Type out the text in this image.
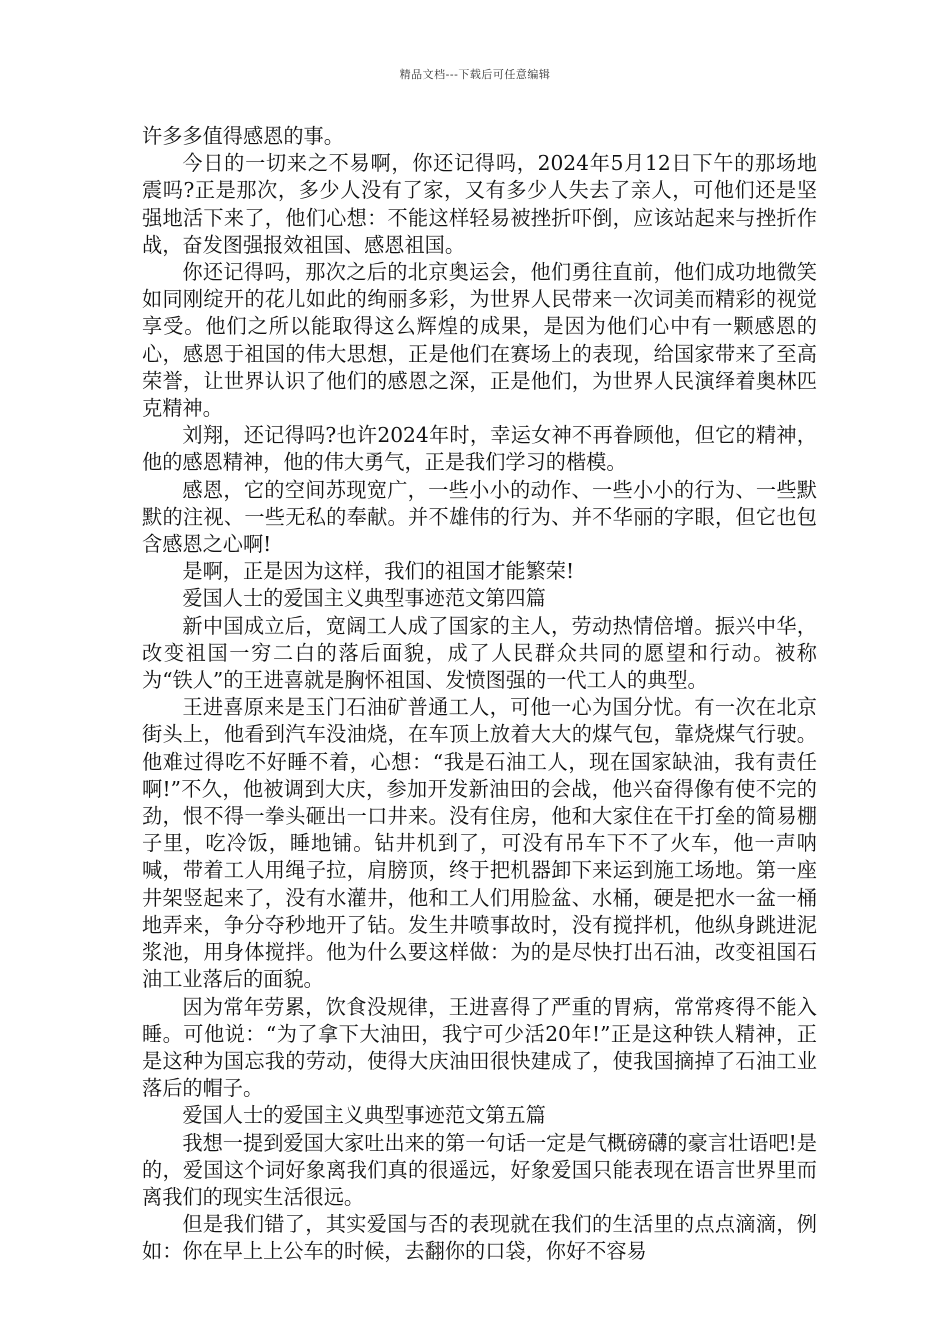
精品文档---下载后可任意编辑

许多多值得感恩的事。

今日的一切来之不易啊，你还记得吗，2024年5月12日下午的那场地震吗?正是那次，多少人没有了家，又有多少人失去了亲人，可他们还是坚强地活下来了，他们心想：不能这样轻易被挫折吓倒，应该站起来与挫折作战，奋发图强报效祖国、感恩祖国。

你还记得吗，那次之后的北京奥运会，他们勇往直前，他们成功地微笑如同刚绽开的花儿如此的绚丽多彩，为世界人民带来一次词美而精彩的视觉享受。他们之所以能取得这么辉煌的成果，是因为他们心中有一颗感恩的心，感恩于祖国的伟大思想，正是他们在赛场上的表现，给国家带来了至高荣誉，让世界认识了他们的感恩之深，正是他们，为世界人民演绎着奥林匹克精神。

刘翔，还记得吗?也许2024年时，幸运女神不再眷顾他，但它的精神，他的感恩精神，他的伟大勇气，正是我们学习的楷模。

感恩，它的空间苏现宽广，一些小小的动作、一些小小的行为、一些默默的注视、一些无私的奉献。并不雄伟的行为、并不华丽的字眼，但它也包含感恩之心啊!

是啊，正是因为这样，我们的祖国才能繁荣!

爱国人士的爱国主义典型事迹范文第四篇

新中国成立后，宽阔工人成了国家的主人，劳动热情倍增。振兴中华，改变祖国一穷二白的落后面貌，成了人民群众共同的愿望和行动。被称为“铁人”的王进喜就是胸怀祖国、发愤图强的一代工人的典型。

王进喜原来是玉门石油矿普通工人，可他一心为国分忧。有一次在北京街头上，他看到汽车没油烧，在车顶上放着大大的煤气包，靠烧煤气行驶。他难过得吃不好睡不着，心想：“我是石油工人，现在国家缺油，我有责任啊!”不久，他被调到大庆，参加开发新油田的会战，他兴奋得像有使不完的劲，恨不得一拳头砸出一口井来。没有住房，他和大家住在干打垒的简易棚子里，吃冷饭，睡地铺。钻井机到了，可没有吊车下不了火车，他一声呐喊，带着工人用绳子拉，肩膀顶，终于把机器卸下来运到施工场地。第一座井架竖起来了，没有水灌井，他和工人们用脸盆、水桶，硬是把水一盆一桶地弄来，争分夺秒地开了钻。发生井喷事故时，没有搅拌机，他纵身跳进泥浆池，用身体搅拌。他为什么要这样做：为的是尽快打出石油，改变祖国石油工业落后的面貌。

因为常年劳累，饮食没规律，王进喜得了严重的胃病，常常疼得不能入睡。可他说：“为了拿下大油田，我宁可少活20年!”正是这种铁人精神，正是这种为国忘我的劳动，使得大庆油田很快建成了，使我国摘掉了石油工业落后的帽子。

爱国人士的爱国主义典型事迹范文第五篇

我想一提到爱国大家吐出来的第一句话一定是气概磅礴的豪言壮语吧!是的，爱国这个词好象离我们真的很遥远，好象爱国只能表现在语言世界里而离我们的现实生活很远。

但是我们错了，其实爱国与否的表现就在我们的生活里的点点滴滴，例如：你在早上上公车的时候，去翻你的口袋，你好不容易
